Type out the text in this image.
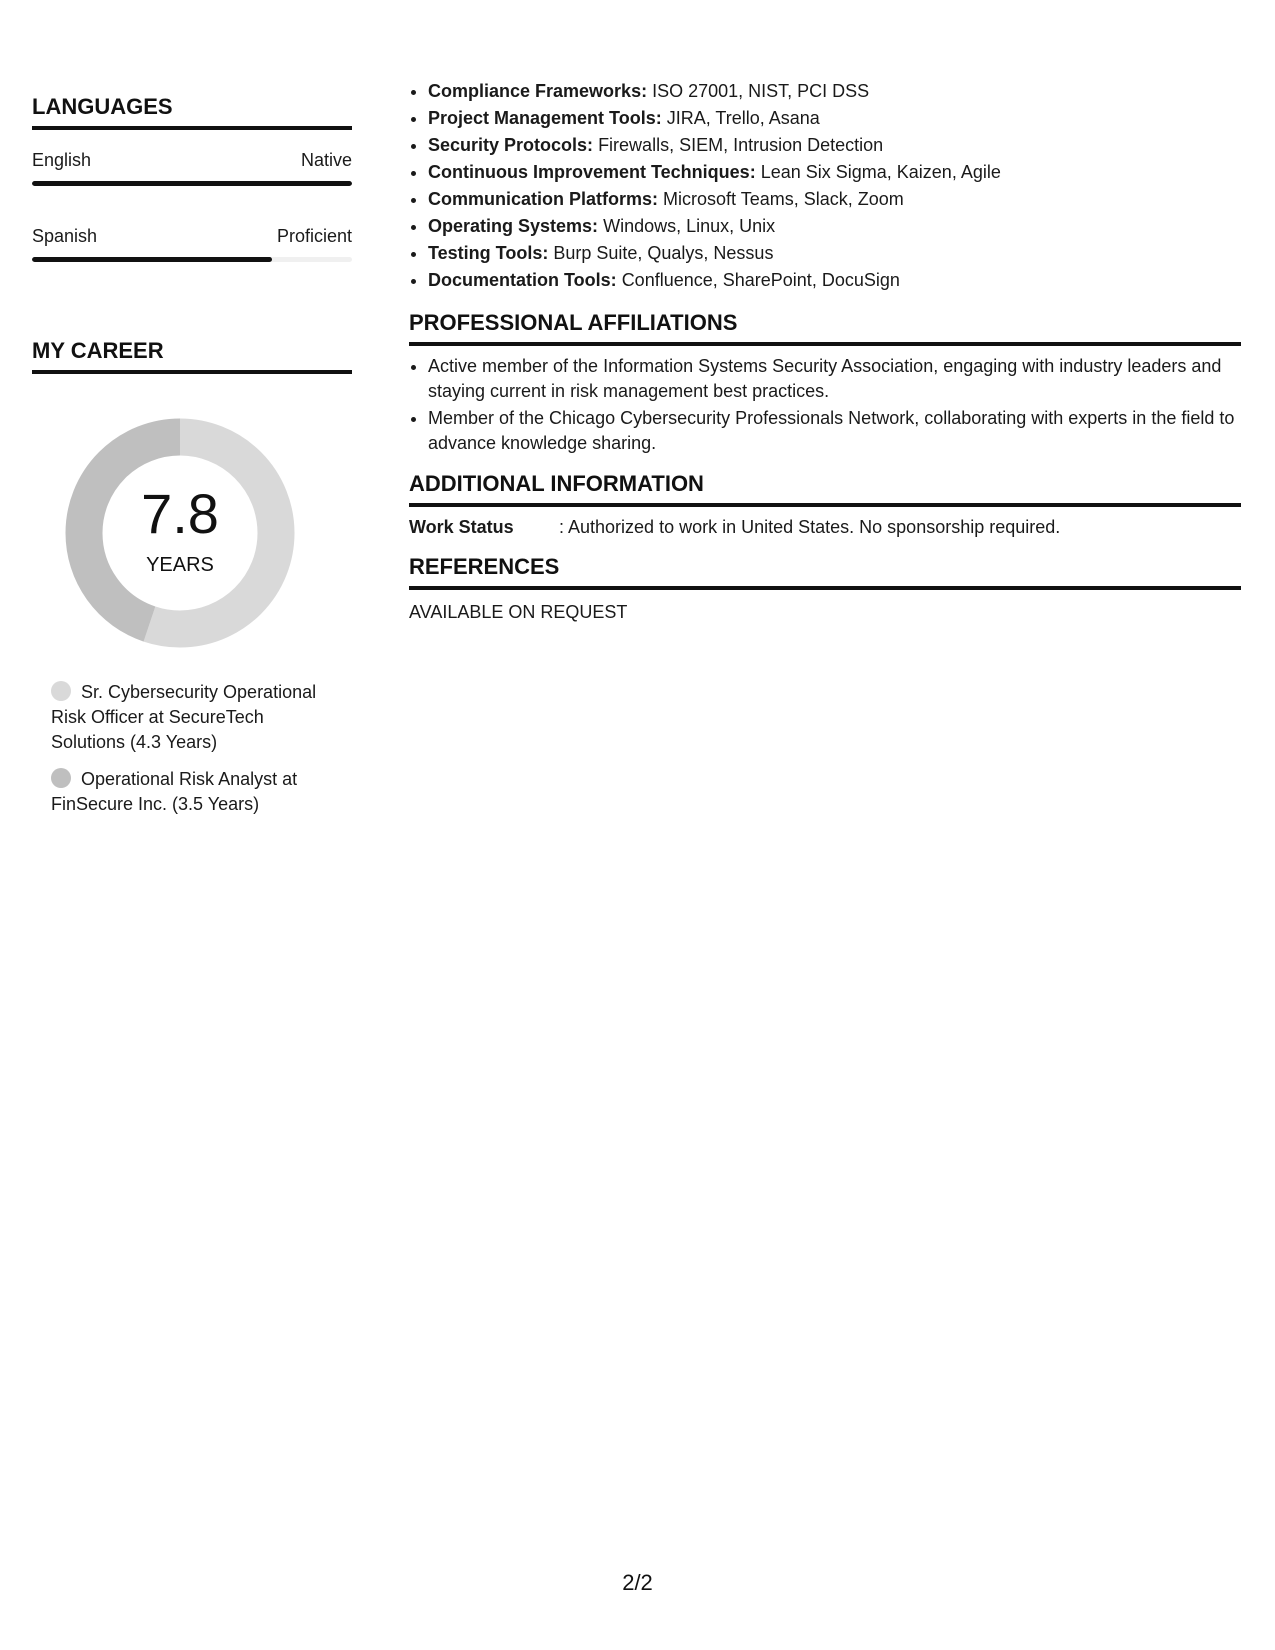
LANGUAGES
English	Native
Spanish	Proficient
MY CAREER
7.8
YEARS
Sr. Cybersecurity Operational Risk Officer at SecureTech Solutions (4.3 Years)
Operational Risk Analyst at FinSecure Inc. (3.5 Years)
• Compliance Frameworks: ISO 27001, NIST, PCI DSS
• Project Management Tools: JIRA, Trello, Asana
• Security Protocols: Firewalls, SIEM, Intrusion Detection
• Continuous Improvement Techniques: Lean Six Sigma, Kaizen, Agile
• Communication Platforms: Microsoft Teams, Slack, Zoom
• Operating Systems: Windows, Linux, Unix
• Testing Tools: Burp Suite, Qualys, Nessus
• Documentation Tools: Confluence, SharePoint, DocuSign
PROFESSIONAL AFFILIATIONS
• Active member of the Information Systems Security Association, engaging with industry leaders and staying current in risk management best practices.
• Member of the Chicago Cybersecurity Professionals Network, collaborating with experts in the field to advance knowledge sharing.
ADDITIONAL INFORMATION
Work Status	: Authorized to work in United States. No sponsorship required.
REFERENCES
AVAILABLE ON REQUEST
2/2
